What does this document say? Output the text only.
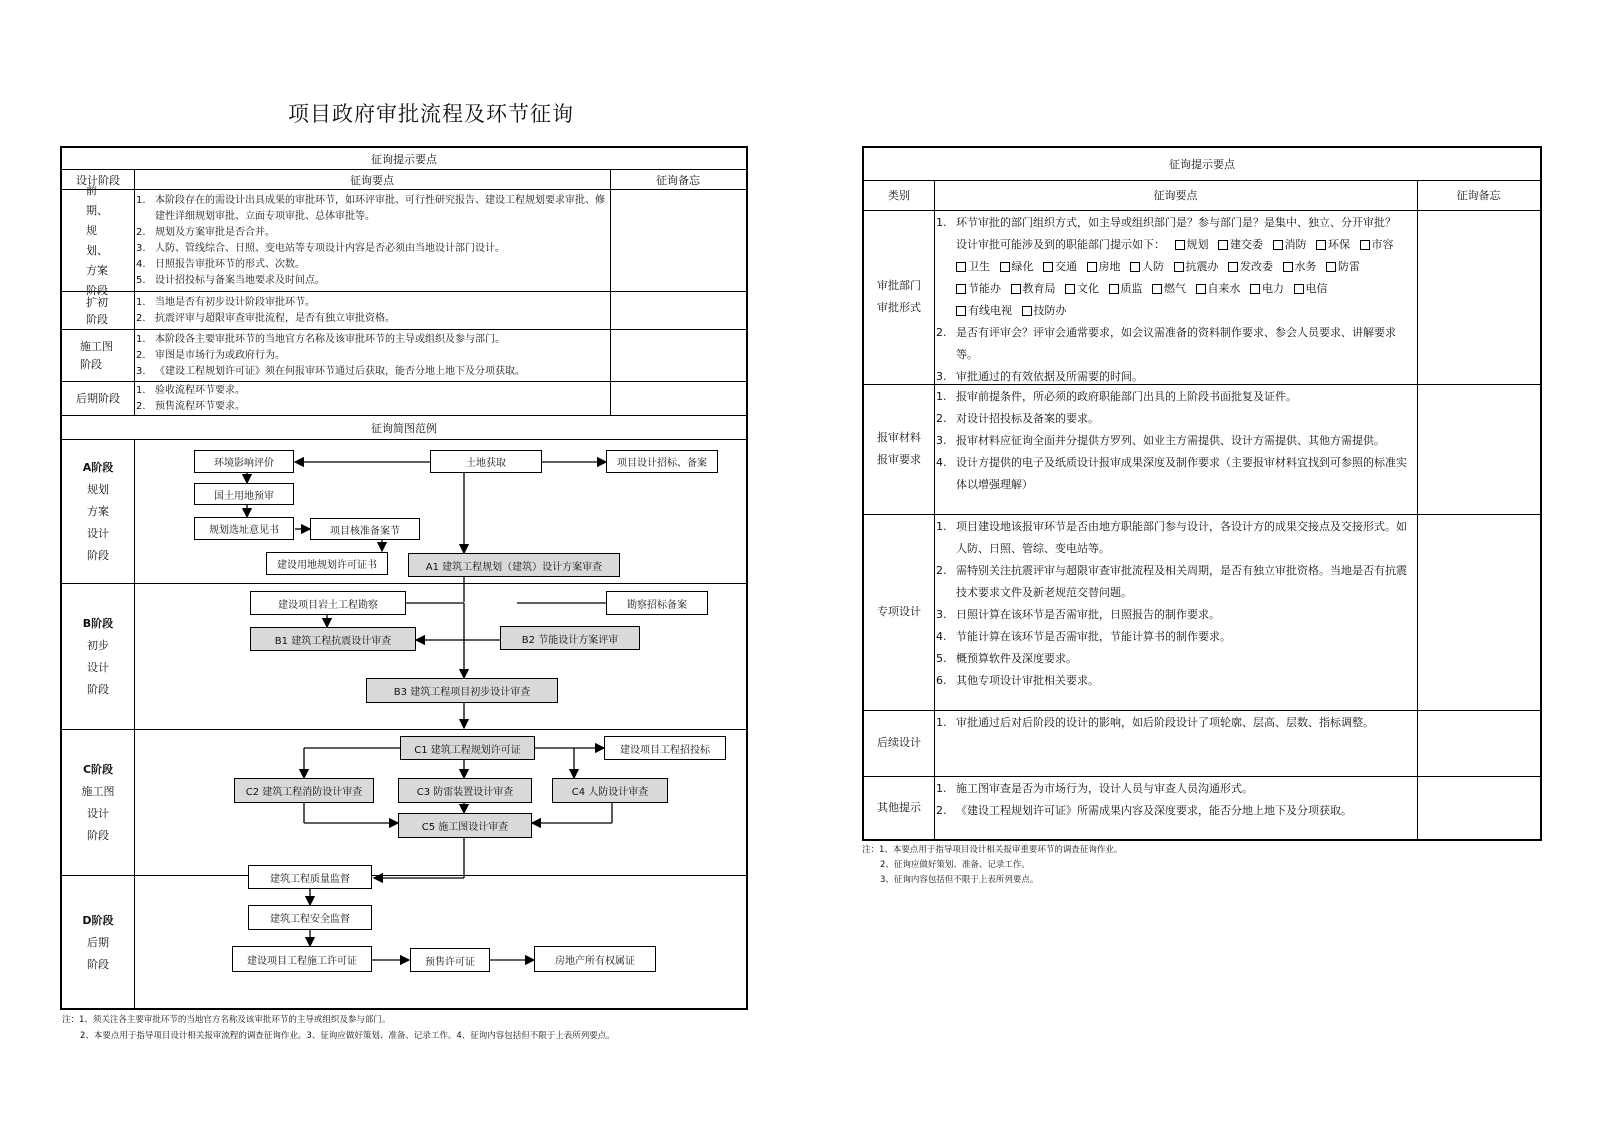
项目政府审批流程及环节征询
征询提示要点
设计阶段	征询要点	征询备忘
前期、规划、方案阶段
1. 本阶段存在的需设计出具成果的审批环节，如环评审批、可行性研究报告、建设工程规划要求审批、修建性详细规划审批、立面专项审批、总体审批等。
2. 规划及方案审批是否合并。
3. 人防、管线综合、日照、变电站等专项设计内容是否必须由当地设计部门设计。
4. 日照报告审批环节的形式、次数。
5. 设计招投标与备案当地要求及时间点。
扩初阶段
1. 当地是否有初步设计阶段审批环节。
2. 抗震评审与超限审查审批流程，是否有独立审批资格。
施工图阶段
1. 本阶段各主要审批环节的当地官方名称及该审批环节的主导或组织及参与部门。
2. 审图是市场行为或政府行为。
3. 《建设工程规划许可证》须在何报审环节通过后获取，能否分地上地下及分项获取。
后期阶段
1. 验收流程环节要求。
2. 预售流程环节要求。
征询简图范例
A阶段
规划
方案
设计
阶段
B阶段
初步
设计
阶段
C阶段
施工图
设计
阶段
D阶段
后期
阶段
环境影响评价	土地获取	项目设计招标、备案
国土用地预审
规划选址意见书	项目核准备案节
建设用地规划许可证书	A1 建筑工程规划（建筑）设计方案审查
建设项目岩土工程勘察	勘察招标备案
B1 建筑工程抗震设计审查	B2 节能设计方案评审
B3 建筑工程项目初步设计审查
C1 建筑工程规划许可证	建设项目工程招投标
C2 建筑工程消防设计审查	C3 防雷装置设计审查	C4 人防设计审查
C5 施工图设计审查
建筑工程质量监督
建筑工程安全监督
建设项目工程施工许可证	预售许可证	房地产所有权属证
注：1、须关注各主要审批环节的当地官方名称及该审批环节的主导或组织及参与部门。
2、本要点用于指导项目设计相关报审流程的调查征询作业。3、征询应做好策划、准备、记录工作。4、征询内容包括但不限于上表所列要点。
征询提示要点
类别	征询要点	征询备忘
审批部门
审批形式
1. 环节审批的部门组织方式，如主导或组织部门是？参与部门是？是集中、独立、分开审批？
设计审批可能涉及到的职能部门提示如下： 规划 建交委 消防 环保 市容
卫生 绿化 交通 房地 人防 抗震办 发改委 水务 防雷
节能办 教育局 文化 质监 燃气 自来水 电力 电信
有线电视 技防办
2. 是否有评审会？评审会通常要求，如会议需准备的资料制作要求、参会人员要求、讲解要求等。
3. 审批通过的有效依据及所需要的时间。
报审材料
报审要求
1. 报审前提条件，所必须的政府职能部门出具的上阶段书面批复及证件。
2. 对设计招投标及备案的要求。
3. 报审材料应征询全面并分提供方罗列、如业主方需提供、设计方需提供、其他方需提供。
4. 设计方提供的电子及纸质设计报审成果深度及制作要求（主要报审材料宜找到可参照的标准实体以增强理解）
专项设计
1. 项目建设地该报审环节是否由地方职能部门参与设计，各设计方的成果交接点及交接形式。如人防、日照、管综、变电站等。
2. 需特别关注抗震评审与超限审查审批流程及相关周期，是否有独立审批资格。当地是否有抗震技术要求文件及新老规范交替问题。
3. 日照计算在该环节是否需审批，日照报告的制作要求。
4. 节能计算在该环节是否需审批，节能计算书的制作要求。
5. 概预算软件及深度要求。
6. 其他专项设计审批相关要求。
后续设计
1. 审批通过后对后阶段的设计的影响，如后阶段设计了项轮廓、层高、层数、指标调整。
其他提示
1. 施工图审查是否为市场行为，设计人员与审查人员沟通形式。
2. 《建设工程规划许可证》所需成果内容及深度要求，能否分地上地下及分项获取。
注：1、本要点用于指导项目设计相关报审重要环节的调查征询作业。
2、征询应做好策划、准备、记录工作。
3、征询内容包括但不限于上表所列要点。
